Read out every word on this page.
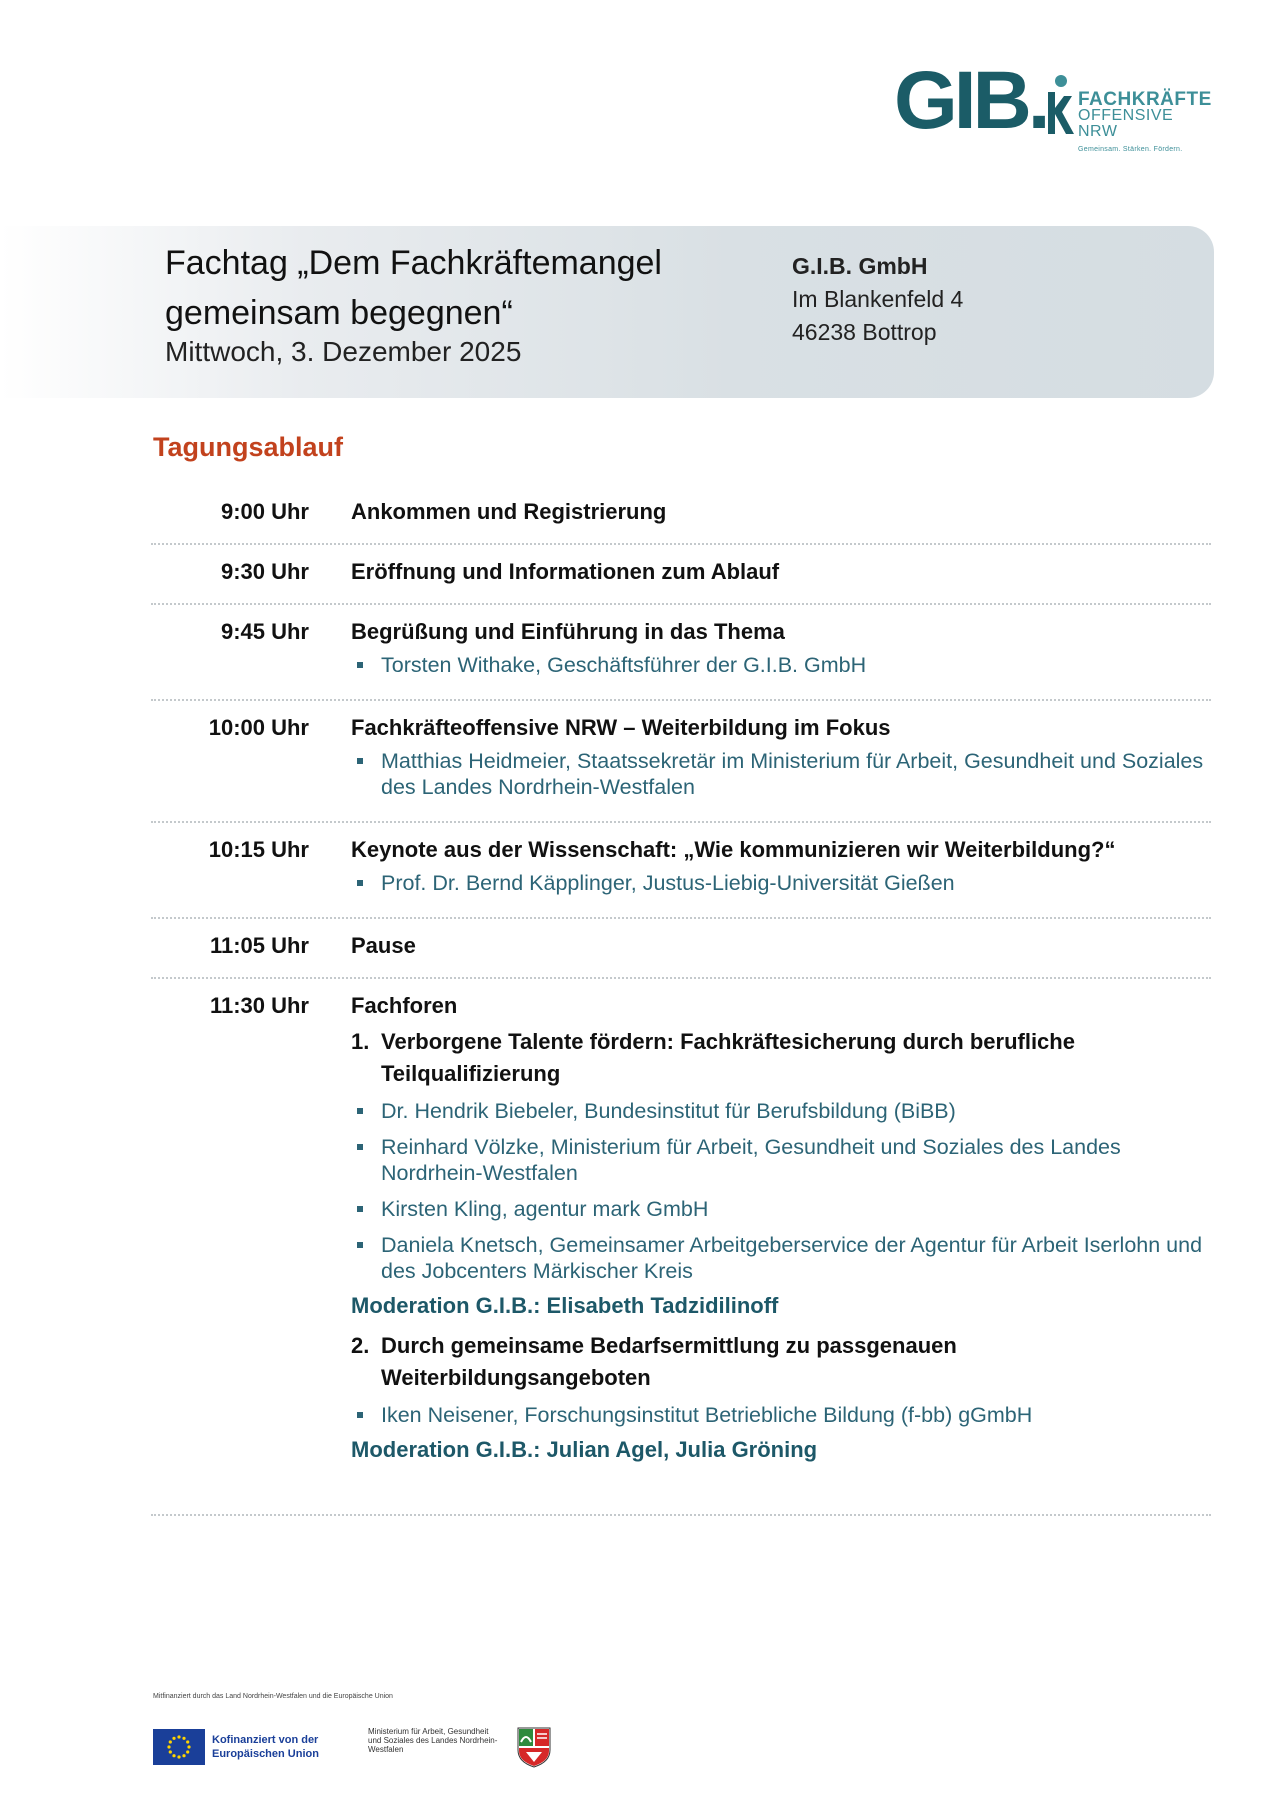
GIB. FACHKRÄFTE
OFFENSIVE NRW
Gemeinsam. Stärken. Fördern.
Fachtag „Dem Fachkräftemangel
gemeinsam begegnen“
Mittwoch, 3. Dezember 2025
G.I.B. GmbH
Im Blankenfeld 4
46238 Bottrop
Tagungsablauf
9:00 Uhr Ankommen und Registrierung
9:30 Uhr Eröffnung und Informationen zum Ablauf
9:45 Uhr Begrüßung und Einführung in das Thema
Torsten Withake, Geschäftsführer der G.I.B. GmbH
10:00 Uhr Fachkräfteoffensive NRW – Weiterbildung im Fokus
Matthias Heidmeier, Staatssekretär im Ministerium für Arbeit, Gesundheit und Soziales des Landes Nordrhein-Westfalen
10:15 Uhr Keynote aus der Wissenschaft: „Wie kommunizieren wir Weiterbildung?“
Prof. Dr. Bernd Käpplinger, Justus-Liebig-Universität Gießen
11:05 Uhr Pause
11:30 Uhr Fachforen
1. Verborgene Talente fördern: Fachkräftesicherung durch berufliche Teilqualifizierung
Dr. Hendrik Biebeler, Bundesinstitut für Berufsbildung (BiBB)
Reinhard Völzke, Ministerium für Arbeit, Gesundheit und Soziales des Landes Nordrhein-Westfalen
Kirsten Kling, agentur mark GmbH
Daniela Knetsch, Gemeinsamer Arbeitgeberservice der Agentur für Arbeit Iserlohn und des Jobcenters Märkischer Kreis
Moderation G.I.B.: Elisabeth Tadzidilinoff
2. Durch gemeinsame Bedarfsermittlung zu passgenauen Weiterbildungsangeboten
Iken Neisener, Forschungsinstitut Betriebliche Bildung (f-bb) gGmbH
Moderation G.I.B.: Julian Agel, Julia Gröning
Mitfinanziert durch das Land Nordrhein-Westfalen und die Europäische Union
Kofinanziert von der
Europäischen Union
Ministerium für Arbeit, Gesundheit und Soziales des Landes Nordrhein-Westfalen
